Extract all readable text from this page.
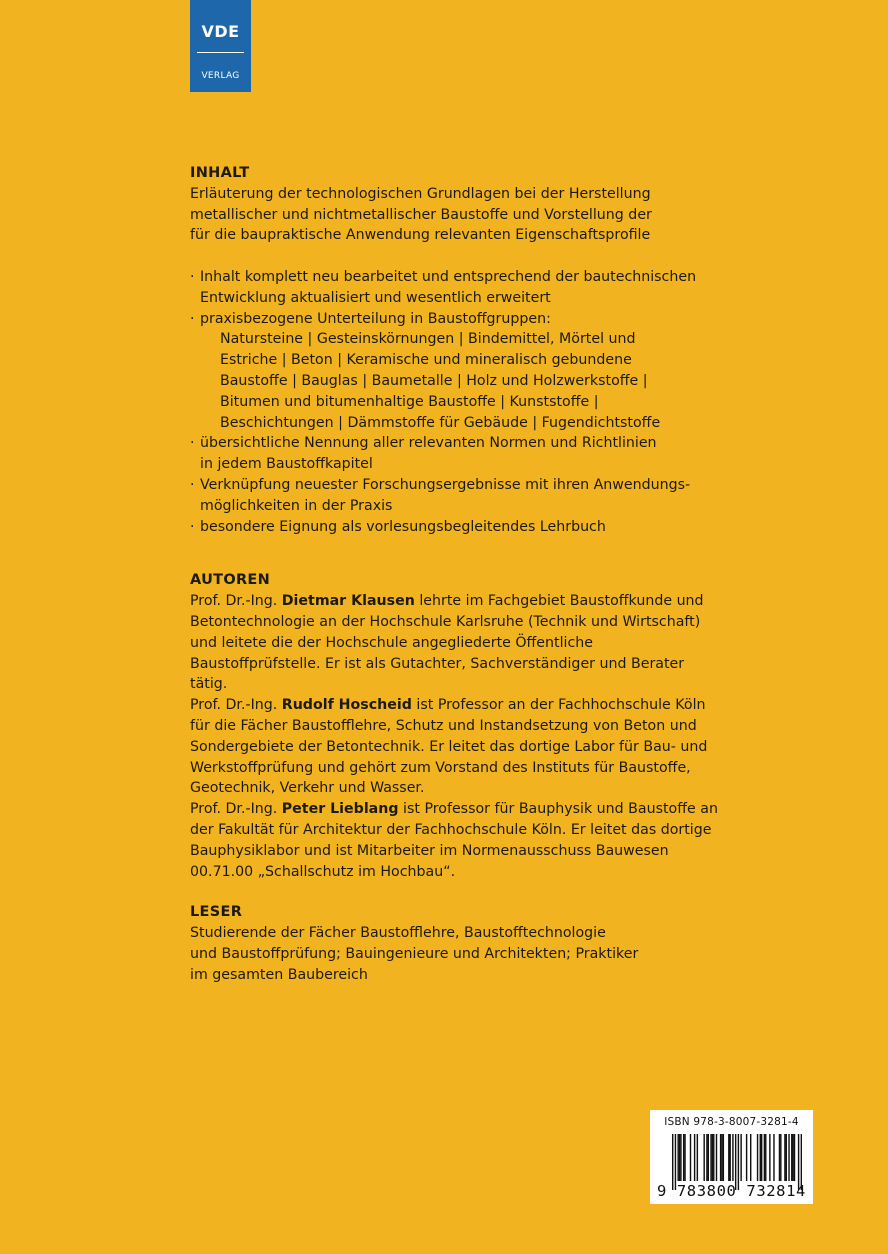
VDE
VERLAG
INHALT

Erläuterung der technologischen Grundlagen bei der Herstellung
metallischer und nichtmetallischer Baustoffe und Vorstellung der
für die baupraktische Anwendung relevanten Eigenschaftsprofile

· Inhalt komplett neu bearbeitet und entsprechend der bautechnischen
Entwicklung aktualisiert und wesentlich erweitert
· praxisbezogene Unterteilung in Baustoffgruppen:
Natursteine | Gesteinskörnungen | Bindemittel, Mörtel und
Estriche | Beton | Keramische und mineralisch gebundene
Baustoffe | Bauglas | Baumetalle | Holz und Holzwerkstoffe |
Bitumen und bitumenhaltige Baustoffe | Kunststoffe |
Beschichtungen | Dämmstoffe für Gebäude | Fugendichtstoffe
· übersichtliche Nennung aller relevanten Normen und Richtlinien
in jedem Baustoffkapitel
· Verknüpfung neuester Forschungsergebnisse mit ihren Anwendungs-
möglichkeiten in der Praxis
· besondere Eignung als vorlesungsbegleitendes Lehrbuch
AUTOREN

Prof. Dr.-Ing. Dietmar Klausen lehrte im Fachgebiet Baustoffkunde und Betontechnologie an der Hochschule Karlsruhe (Technik und Wirtschaft) und leitete die der Hochschule angegliederte Öffentliche Baustoffprüfstelle. Er ist als Gutachter, Sachverständiger und Berater tätig.

Prof. Dr.-Ing. Rudolf Hoscheid ist Professor an der Fachhochschule Köln für die Fächer Baustofflehre, Schutz und Instandsetzung von Beton und Sondergebiete der Betontechnik. Er leitet das dortige Labor für Bau- und Werkstoffprüfung und gehört zum Vorstand des Instituts für Baustoffe, Geotechnik, Verkehr und Wasser.

Prof. Dr.-Ing. Peter Lieblang ist Professor für Bauphysik und Baustoffe an der Fakultät für Architektur der Fachhochschule Köln. Er leitet das dortige Bauphysiklabor und ist Mitarbeiter im Normenausschuss Bauwesen 00.71.00 „Schallschutz im Hochbau“.

LESER

Studierende der Fächer Baustofflehre, Baustofftechnologie
und Baustoffprüfung; Bauingenieure und Architekten; Praktiker
im gesamten Baubereich

ISBN 978-3-8007-3281-4
9 783800 732814
